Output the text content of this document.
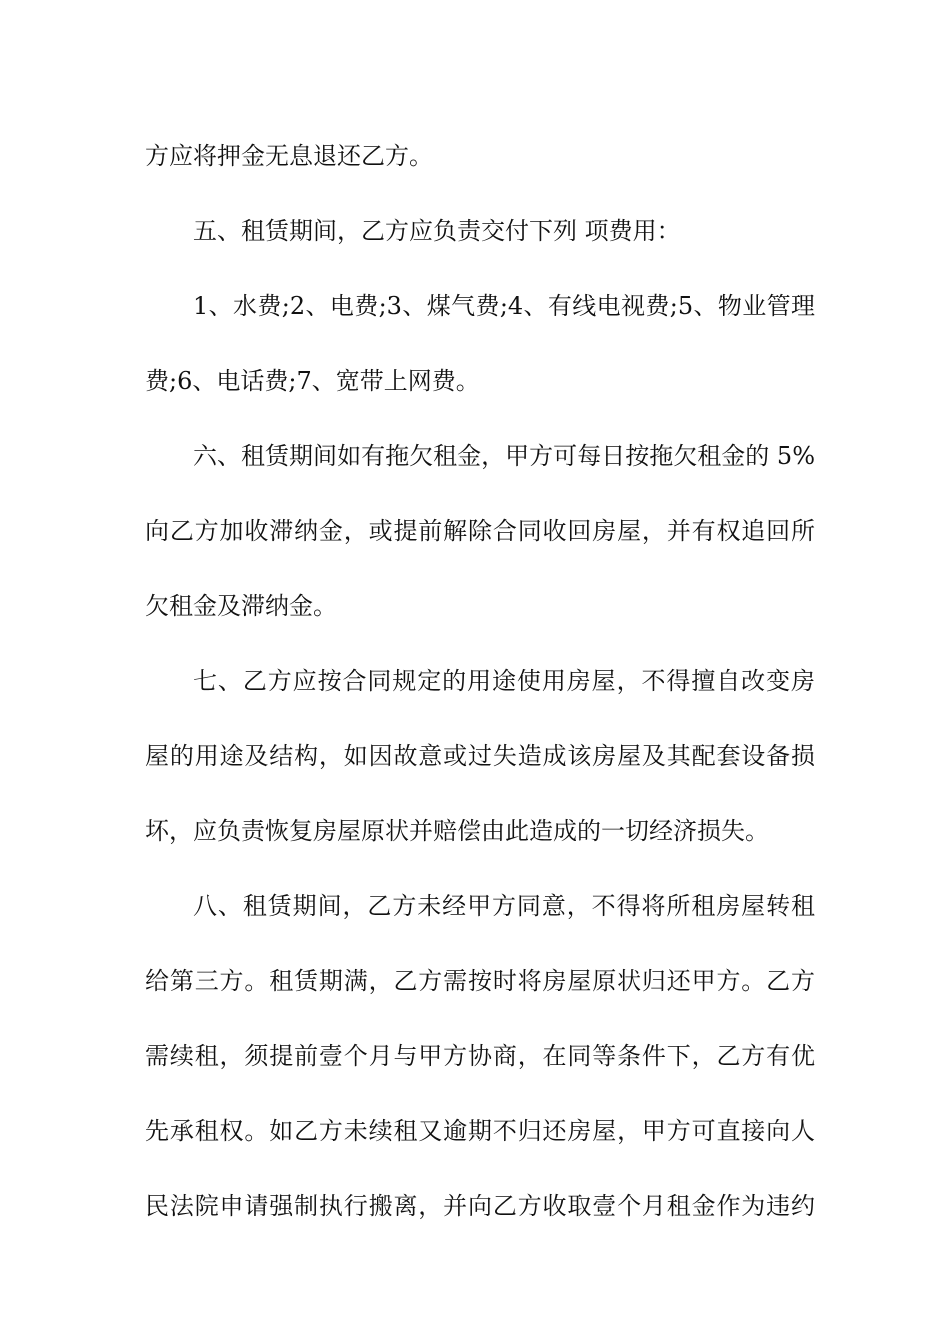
方应将押金无息退还乙方。
五、租赁期间，乙方应负责交付下列 项费用：
1、水费;2、电费;3、煤气费;4、有线电视费;5、物业管理
费;6、电话费;7、宽带上网费。
六、租赁期间如有拖欠租金，甲方可每日按拖欠租金的 5%
向乙方加收滞纳金，或提前解除合同收回房屋，并有权追回所
欠租金及滞纳金。
七、乙方应按合同规定的用途使用房屋，不得擅自改变房
屋的用途及结构，如因故意或过失造成该房屋及其配套设备损
坏，应负责恢复房屋原状并赔偿由此造成的一切经济损失。
八、租赁期间，乙方未经甲方同意，不得将所租房屋转租
给第三方。租赁期满，乙方需按时将房屋原状归还甲方。乙方
需续租，须提前壹个月与甲方协商，在同等条件下，乙方有优
先承租权。如乙方未续租又逾期不归还房屋，甲方可直接向人
民法院申请强制执行搬离，并向乙方收取壹个月租金作为违约
